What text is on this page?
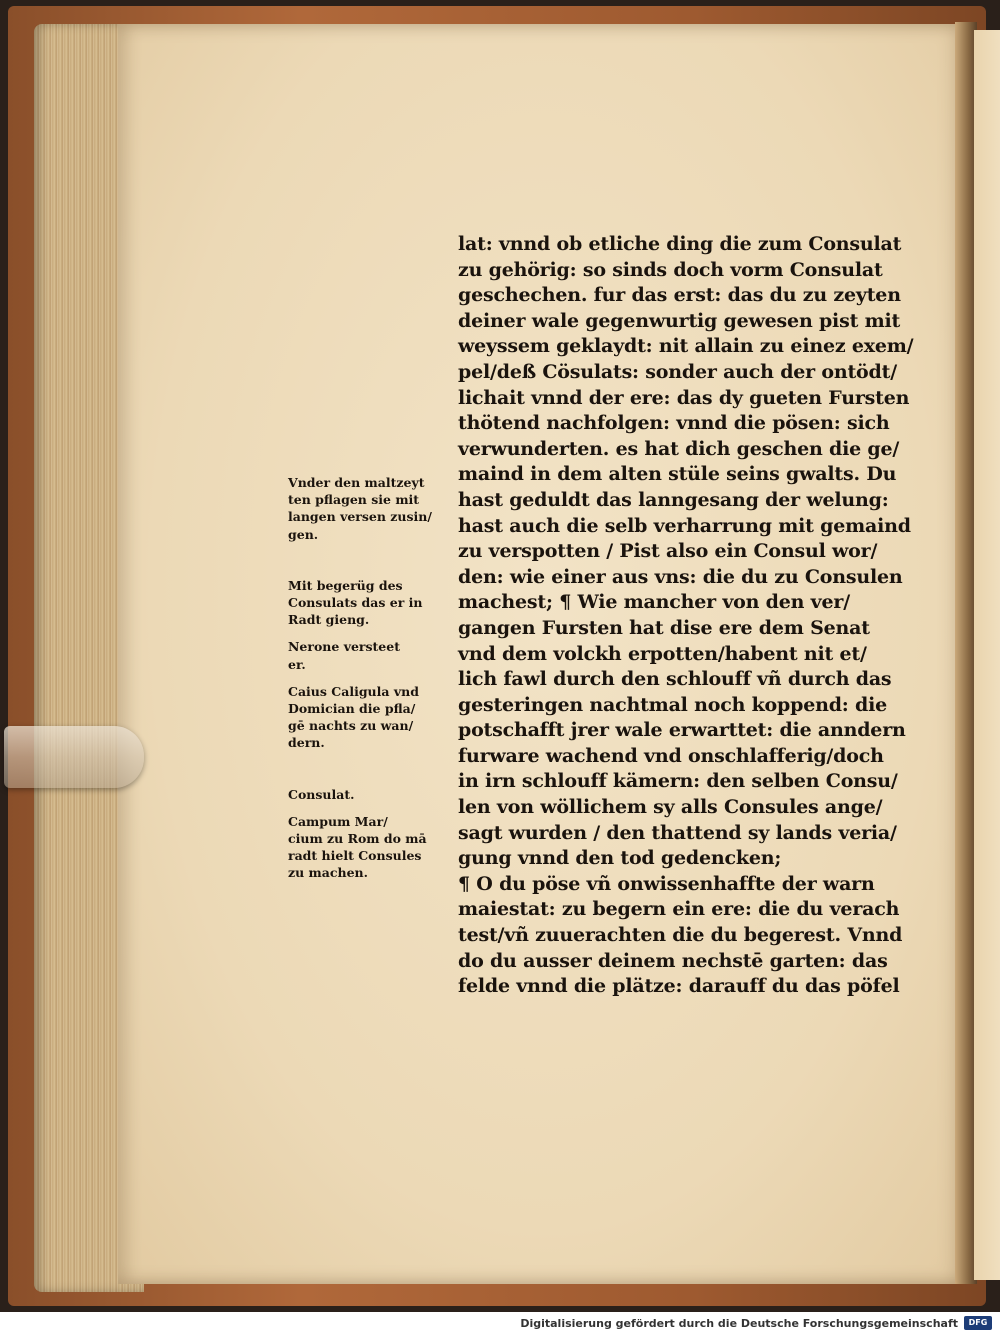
Vnder den maltzeyt
ten pflagen sie mit
langen versen zusin/
gen.
Mit begerüg des
Consulats das er in
Radt gieng.
Nerone versteet
er.
Caius Caligula vnd
Domician die pfla/
gē nachts zu wan/
dern.
Consulat.
Campum Mar/
cium zu Rom do mā
radt hielt Consules
zu machen.
lat: vnnd ob etliche ding die zum Consulat
zu gehörig: so sinds doch vorm Consulat
geschechen. fur das erst: das du zu zeyten
deiner wale gegenwurtig gewesen pist mit
weyssem geklaydt: nit allain zu einez exem/
pel/deß Cösulats: sonder auch der ontödt/
lichait vnnd der ere: das dy gueten Fursten
thötend nachfolgen: vnnd die pösen: sich
verwunderten. es hat dich geschen die ge/
maind in dem alten stüle seins gwalts. Du
hast geduldt das lanngesang der welung:
hast auch die selb verharrung mit gemaind
zu verspotten / Pist also ein Consul wor/
den: wie einer aus vns: die du zu Consulen
machest; ¶ Wie mancher von den ver/
gangen Fursten hat dise ere dem Senat
vnd dem volckh erpotten/habent nit et/
lich fawl durch den schlouff vñ durch das
gesteringen nachtmal noch koppend: die
potschafft jrer wale erwarttet: die anndern
furware wachend vnd onschlafferig/doch
in irn schlouff kämern: den selben Consu/
len von wöllichem sy alls Consules ange/
sagt wurden / den thattend sy lands veria/
gung vnnd den tod gedencken;
¶ O du pöse vñ onwissenhaffte der warn
maiestat: zu begern ein ere: die du verach
test/vñ zuuerachten die du begerest. Vnnd
do du ausser deinem nechstē garten: das
felde vnnd die plätze: darauff du das pöfel
Digitalisierung gefördert durch die Deutsche Forschungsgemeinschaft	DFG
